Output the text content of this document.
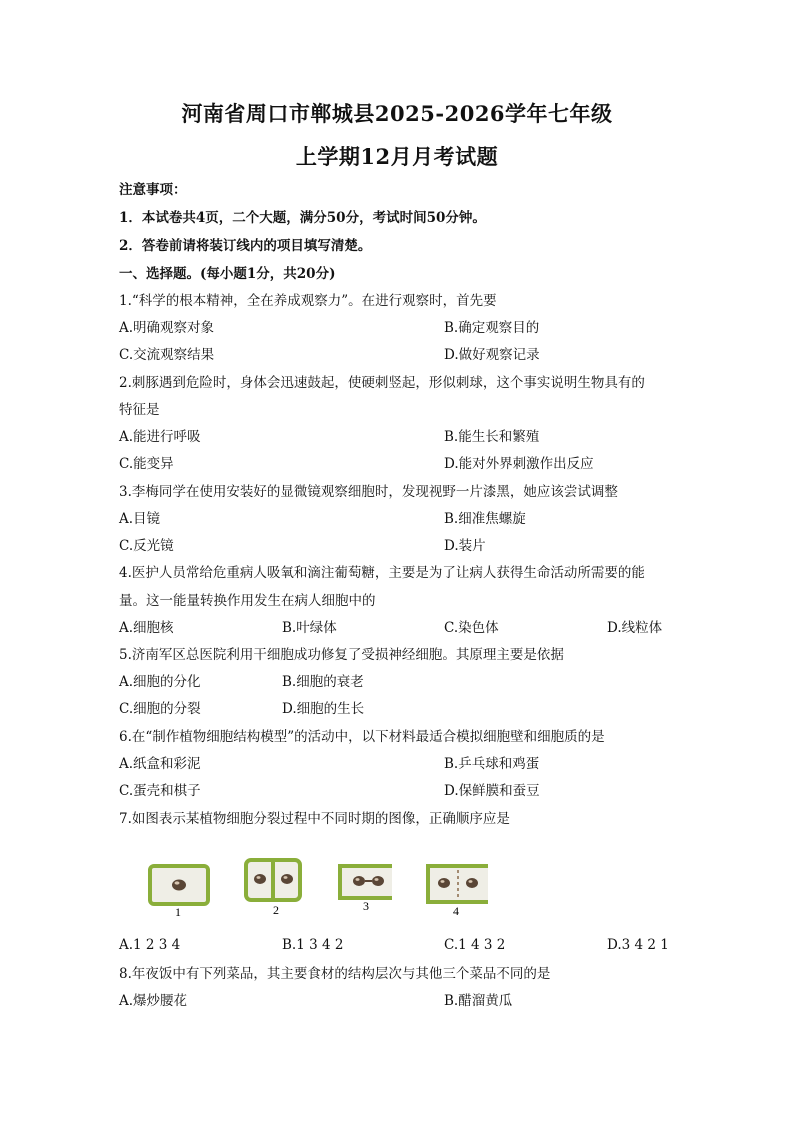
河南省周口市郸城县2025-2026学年七年级
上学期12月月考试题
注意事项：
1．本试卷共4页，二个大题，满分50分，考试时间50分钟。
2．答卷前请将装订线内的项目填写清楚。
一、选择题。(每小题1分，共20分)
1.“科学的根本精神，全在养成观察力”。在进行观察时，首先要
A.明确观察对象	B.确定观察目的
C.交流观察结果	D.做好观察记录
2.刺豚遇到危险时，身体会迅速鼓起，使硬刺竖起，形似刺球，这个事实说明生物具有的
特征是
A.能进行呼吸	B.能生长和繁殖
C.能变异	D.能对外界刺激作出反应
3.李梅同学在使用安装好的显微镜观察细胞时，发现视野一片漆黑，她应该尝试调整
A.目镜	B.细准焦螺旋
C.反光镜	D.装片
4.医护人员常给危重病人吸氧和滴注葡萄糖，主要是为了让病人获得生命活动所需要的能
量。这一能量转换作用发生在病人细胞中的
A.细胞核	B.叶绿体	C.染色体	D.线粒体
5.济南军区总医院利用干细胞成功修复了受损神经细胞。其原理主要是依据
A.细胞的分化	B.细胞的衰老
C.细胞的分裂	D.细胞的生长
6.在“制作植物细胞结构模型”的活动中，以下材料最适合模拟细胞壁和细胞质的是
A.纸盒和彩泥	B.乒乓球和鸡蛋
C.蛋壳和棋子	D.保鲜膜和蚕豆
7.如图表示某植物细胞分裂过程中不同时期的图像，正确顺序应是
1	2	3	4
A.1 2 3 4	B.1 3 4 2	C.1 4 3 2	D.3 4 2 1
8.年夜饭中有下列菜品，其主要食材的结构层次与其他三个菜品不同的是
A.爆炒腰花	B.醋溜黄瓜
